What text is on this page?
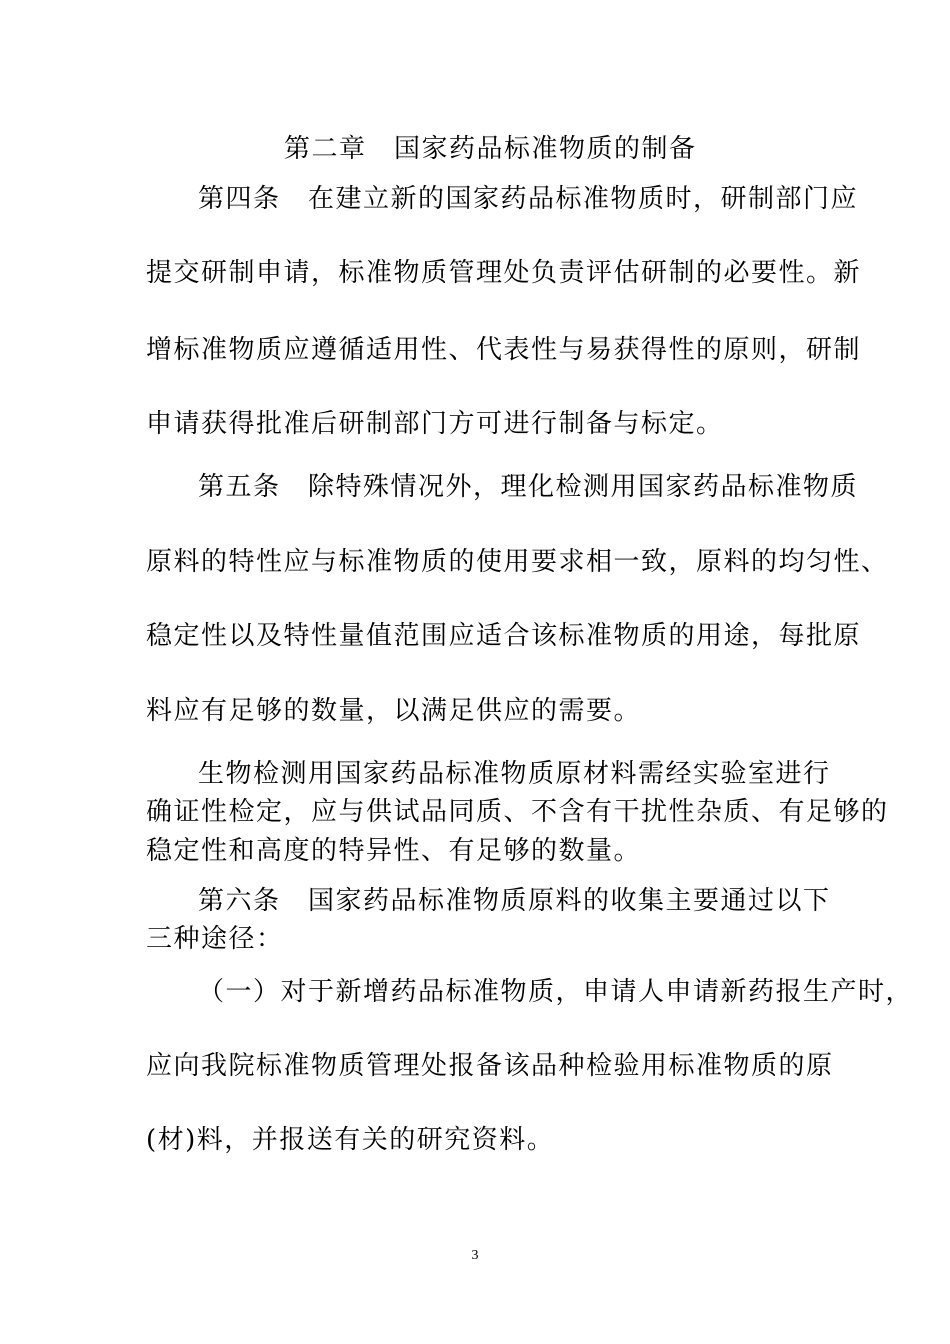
第二章　国家药品标准物质的制备
第四条　在建立新的国家药品标准物质时，研制部门应
提交研制申请，标准物质管理处负责评估研制的必要性。新
增标准物质应遵循适用性、代表性与易获得性的原则，研制
申请获得批准后研制部门方可进行制备与标定。
第五条　除特殊情况外，理化检测用国家药品标准物质
原料的特性应与标准物质的使用要求相一致，原料的均匀性、
稳定性以及特性量值范围应适合该标准物质的用途，每批原
料应有足够的数量，以满足供应的需要。
生物检测用国家药品标准物质原材料需经实验室进行
确证性检定，应与供试品同质、不含有干扰性杂质、有足够的
稳定性和高度的特异性、有足够的数量。
第六条　国家药品标准物质原料的收集主要通过以下
三种途径：
（一）对于新增药品标准物质，申请人申请新药报生产时，
应向我院标准物质管理处报备该品种检验用标准物质的原
(材)料，并报送有关的研究资料。
3
